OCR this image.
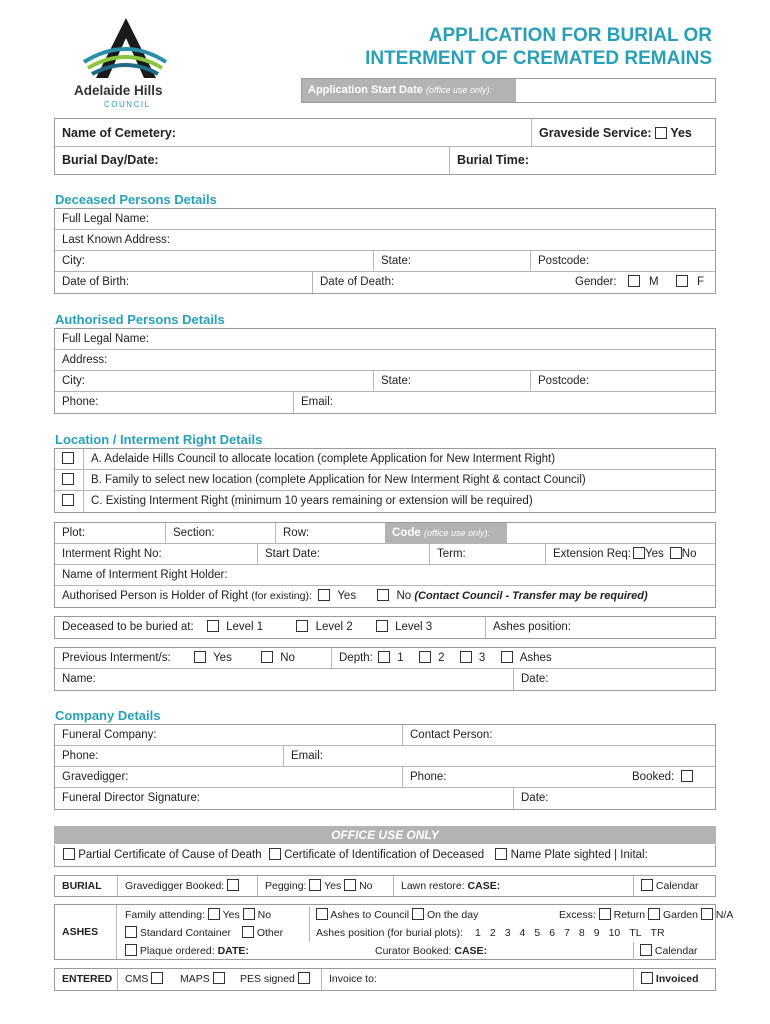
Adelaide Hills
COUNCIL
APPLICATION FOR BURIAL OR
INTERMENT OF CREMATED REMAINS
Application Start Date (office use only):
Name of Cemetery:	Graveside Service: Yes
Burial Day/Date:	Burial Time:
Deceased Persons Details
Full Legal Name:
Last Known Address:
City:	State:	Postcode:
Date of Birth:	Date of Death:	Gender:	M	F
Authorised Persons Details
Full Legal Name:
Address:
City:	State:	Postcode:
Phone:	Email:
Location / Interment Right Details
A. Adelaide Hills Council to allocate location (complete Application for New Interment Right)
B. Family to select new location (complete Application for New Interment Right & contact Council)
C. Existing Interment Right (minimum 10 years remaining or extension will be required)
Plot:	Section:	Row:	Code (office use only):
Interment Right No:	Start Date:	Term:	Extension Req: Yes No
Name of Interment Right Holder:
Authorised Person is Holder of Right (for existing): Yes	No (Contact Council - Transfer may be required)
Deceased to be buried at:	Level 1	Level 2	Level 3	Ashes position:
Previous Interment/s:	Yes	No	Depth: 1	2	3	Ashes
Name:	Date:
Company Details
Funeral Company:	Contact Person:
Phone:	Email:
Gravedigger:	Phone:	Booked:
Funeral Director Signature:	Date:
OFFICE USE ONLY
Partial Certificate of Cause of Death Certificate of Identification of Deceased Name Plate sighted | Inital:
BURIAL	Gravedigger Booked:	Pegging: Yes No	Lawn restore: CASE:	Calendar
ASHES
Family attending: Yes No	Ashes to Council On the day	Excess: Return Garden N/A
Standard Container Other	Ashes position (for burial plots): 1 2 3 4 5 6 7 8 9 10 TL TR
Plaque ordered: DATE:	Curator Booked: CASE:	Calendar
ENTERED	CMS	MAPS	PES signed	Invoice to:	Invoiced
